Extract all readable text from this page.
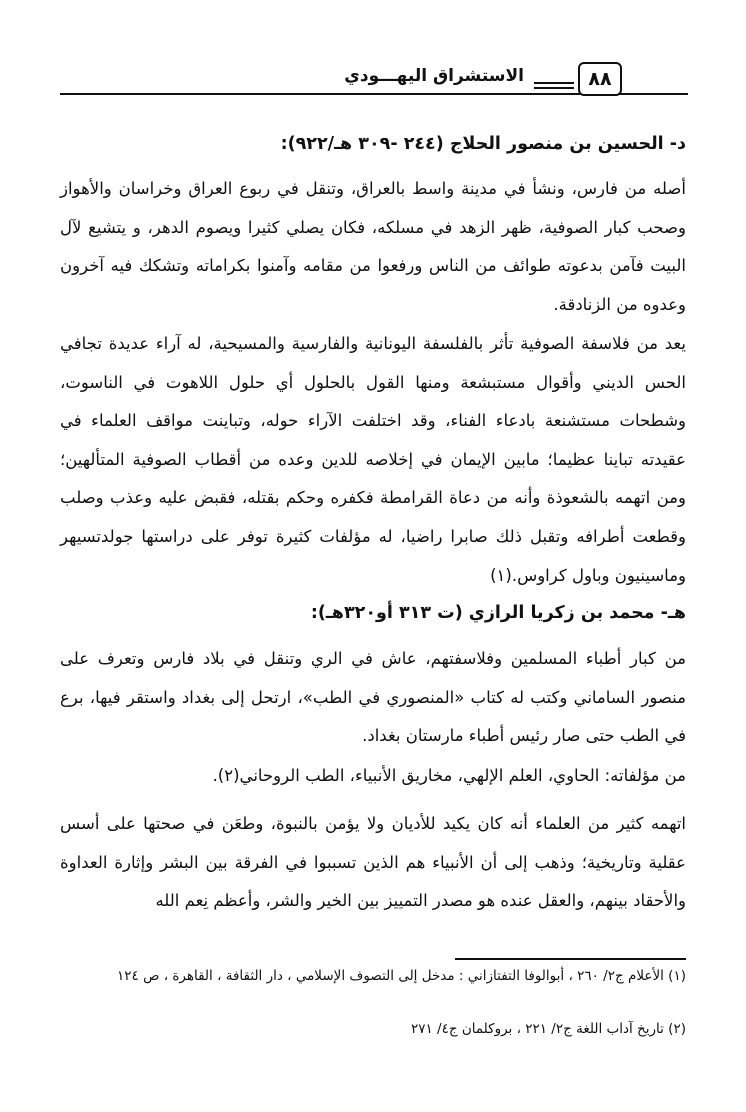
٨٨
الاستشراق اليهـــودي
د- الحسين بن منصور الحلاج (٢٤٤ -٣٠٩ هـ/٩٢٢):
أصله من فارس، ونشأ في مدينة واسط بالعراق، وتنقل في ربوع العراق وخراسان والأهواز وصحب كبار الصوفية، ظهر الزهد في مسلكه، فكان يصلي كثيرا ويصوم الدهر، و يتشيع لآل البيت فآمن بدعوته طوائف من الناس ورفعوا من مقامه وآمنوا بكراماته وتشكك فيه آخرون وعدوه من الزنادقة.
يعد من فلاسفة الصوفية تأثر بالفلسفة اليونانية والفارسية والمسيحية، له آراء عديدة تجافي الحس الديني وأقوال مستبشعة ومنها القول بالحلول أي حلول اللاهوت في الناسوت، وشطحات مستشنعة بادعاء الفناء، وقد اختلفت الآراء حوله، وتباينت مواقف العلماء في عقيدته تباينا عظيما؛ مابين الإيمان في إخلاصه للدين وعده من أقطاب الصوفية المتألهين؛ ومن اتهمه بالشعوذة وأنه من دعاة القرامطة فكفره وحكم بقتله، فقبض عليه وعذب وصلب وقطعت أطرافه وتقبل ذلك صابرا راضيا، له مؤلفات كثيرة توفر على دراستها جولدتسيهر وماسينيون وباول كراوس.(١)
هـ- محمد بن زكريا الرازي (ت ٣١٣ أو٣٢٠هـ):
من كبار أطباء المسلمين وفلاسفتهم، عاش في الري وتنقل في بلاد فارس وتعرف على منصور الساماني وكتب له كتاب «المنصوري في الطب»، ارتحل إلى بغداد واستقر فيها، برع في الطب حتى صار رئيس أطباء مارستان بغداد.
من مؤلفاته: الحاوي، العلم الإلهي، مخاريق الأنبياء، الطب الروحاني(٢).
اتهمه كثير من العلماء أنه كان يكيد للأديان ولا يؤمن بالنبوة، وطعَن في صحتها على أسس عقلية وتاريخية؛ وذهب إلى أن الأنبياء هم الذين تسببوا في الفرقة بين البشر وإثارة العداوة والأحقاد بينهم، والعقل عنده هو مصدر التمييز بين الخير والشر، وأعظم نِعم الله
(١) الأعلام ج٢/ ٢٦٠ ، أبوالوفا التفتازاني : مدخل إلى التصوف الإسلامي ، دار الثقافة ، القاهرة ، ص ١٢٤
(٢) تاريخ آداب اللغة ج٢/ ٢٢١ ، بروكلمان ج٤/ ٢٧١
